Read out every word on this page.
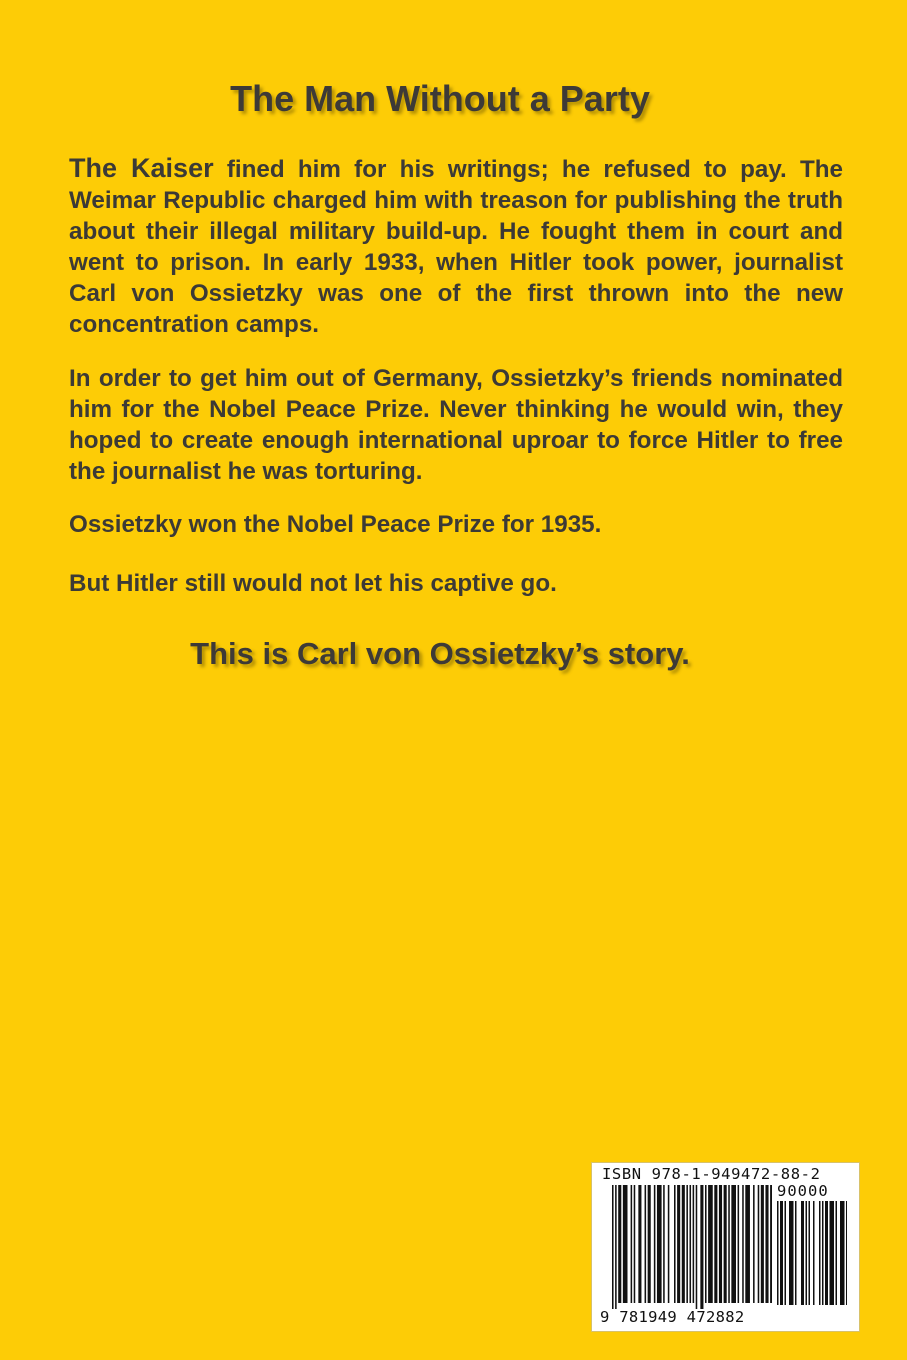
The Man Without a Party

The Kaiser fined him for his writings; he refused to pay. The Weimar Republic charged him with treason for publishing the truth about their illegal military build-up. He fought them in court and went to prison. In early 1933, when Hitler took power, journalist Carl von Ossietzky was one of the first thrown into the new concentration camps.

In order to get him out of Germany, Ossietzky’s friends nominated him for the Nobel Peace Prize. Never thinking he would win, they hoped to create enough international uproar to force Hitler to free the journalist he was torturing.

Ossietzky won the Nobel Peace Prize for 1935.

But Hitler still would not let his captive go.

This is Carl von Ossietzky’s story.
ISBN 978-1-949472-88-2
90000
9 781949 472882
